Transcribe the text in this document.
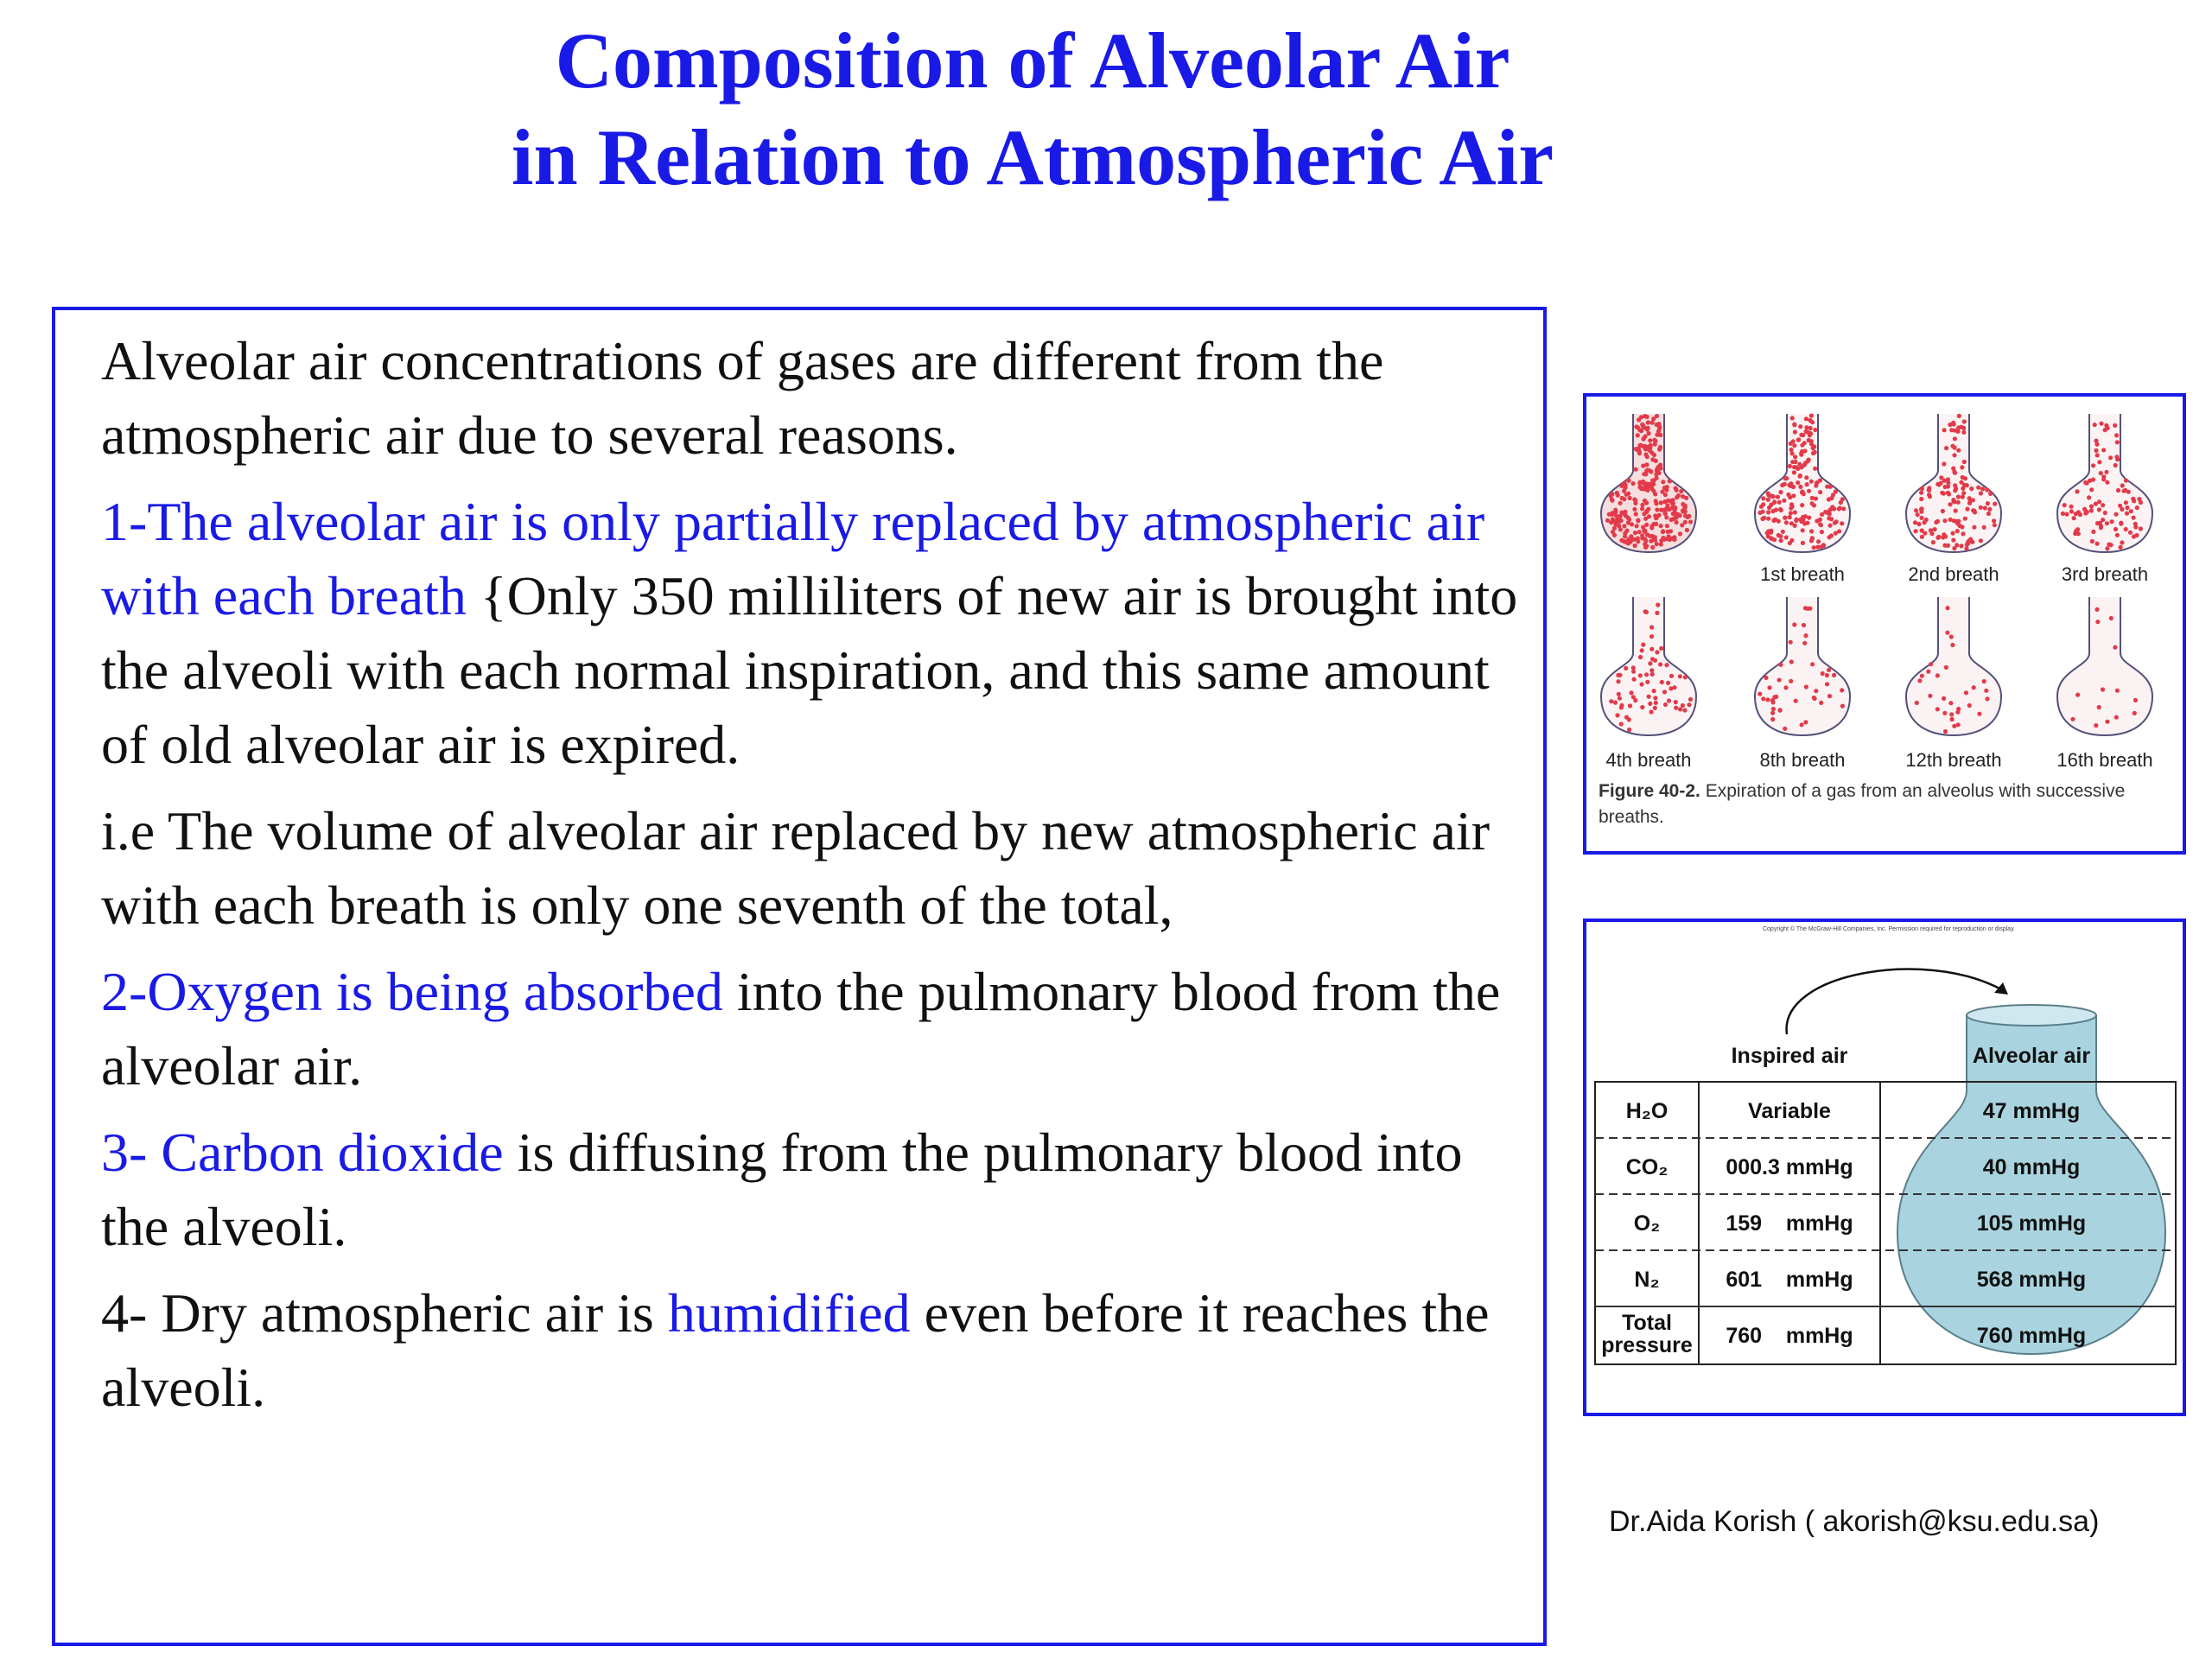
Composition of Alveolar Air
in Relation to Atmospheric Air

Alveolar air concentrations of gases are different from the atmospheric air due to several reasons.

1-The alveolar air is only partially replaced by atmospheric air with each breath {Only 350 milliliters of new air is brought into the alveoli with each normal inspiration, and this same amount of old alveolar air is expired.

i.e The volume of alveolar air replaced by new atmospheric air with each breath is only one seventh of the total,

2-Oxygen is being absorbed into the pulmonary blood from the alveolar air.

3- Carbon dioxide is diffusing from the pulmonary blood into the alveoli.

4- Dry atmospheric air is humidified even before it reaches the alveoli.

1st breath	2nd breath	3rd breath
4th breath	8th breath	12th breath	16th breath
Figure 40-2. Expiration of a gas from an alveolus with successive breaths.
Copyright © The McGraw-Hill Companies, Inc. Permission required for reproduction or display.
Inspired air	Alveolar air
H₂O	Variable	47 mmHg
CO₂	000.3 mmHg	40 mmHg
O₂	159    mmHg	105 mmHg
N₂	601    mmHg	568 mmHg
Total pressure 760    mmHg	760 mmHg
Dr.Aida Korish ( akorish@ksu.edu.sa)
